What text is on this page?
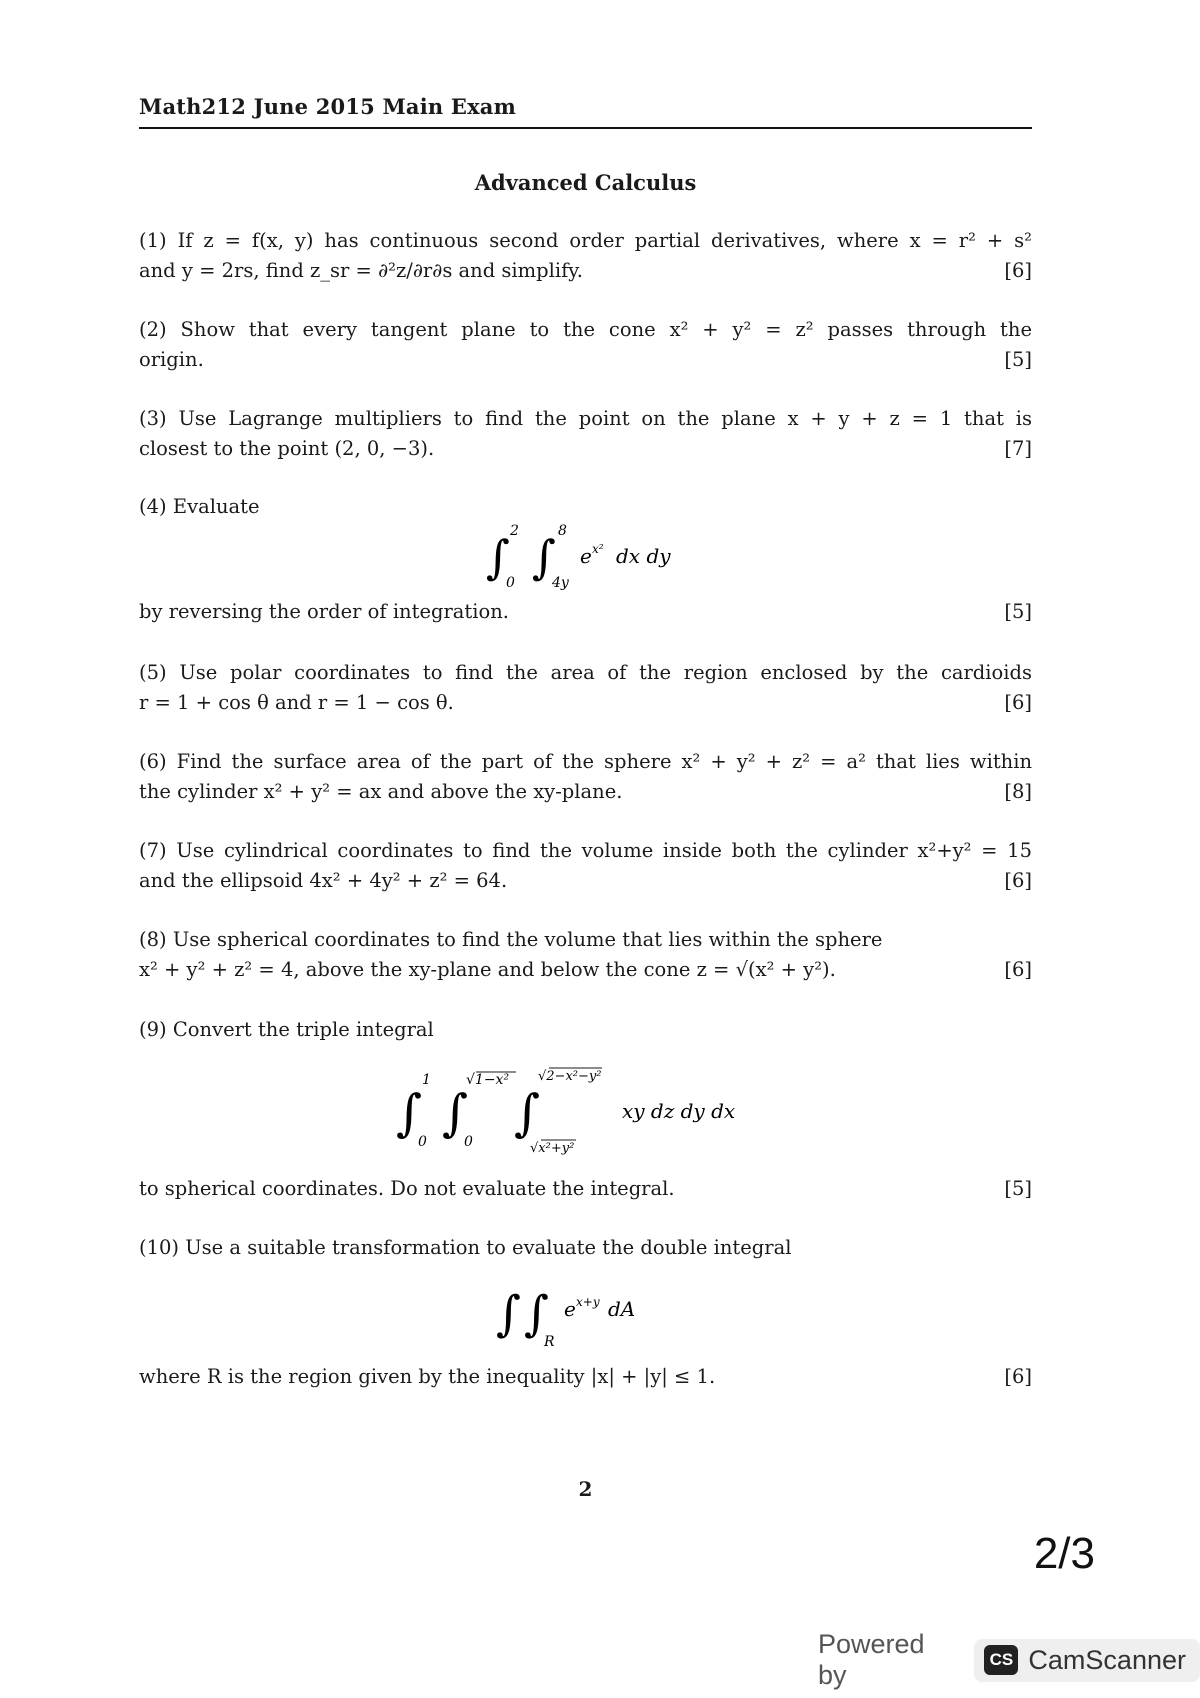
Math212 June 2015 Main Exam
Advanced Calculus
(1) If z = f(x, y) has continuous second order partial derivatives, where x = r² + s²
and y = 2rs, find z_sr = ∂²z/∂r∂s and simplify.	[6]
(2) Show that every tangent plane to the cone x² + y² = z² passes through the
origin.	[5]
(3) Use Lagrange multipliers to find the point on the plane x + y + z = 1 that is
closest to the point (2, 0, −3).	[7]
(4) Evaluate
∫ 2
0 ∫ 8
4y
e x² dx dy
by reversing the order of integration.	[5]
(5) Use polar coordinates to find the area of the region enclosed by the cardioids
r = 1 + cos θ and r = 1 − cos θ.	[6]
(6) Find the surface area of the part of the sphere x² + y² + z² = a² that lies within
the cylinder x² + y² = ax and above the xy-plane.	[8]
(7) Use cylindrical coordinates to find the volume inside both the cylinder x²+y² = 15
and the ellipsoid 4x² + 4y² + z² = 64.	[6]
(8) Use spherical coordinates to find the volume that lies within the sphere
x² + y² + z² = 4, above the xy-plane and below the cone z = √(x² + y²).	[6]
(9) Convert the triple integral
∫
1
0 ∫
√1−x²
0 ∫
√2−x²−y²
√x²+y²
xy dz dy dx
to spherical coordinates. Do not evaluate the integral.	[5]
(10) Use a suitable transformation to evaluate the double integral
∫ ∫
R
e x+y dA
where R is the region given by the inequality |x| + |y| ≤ 1.	[6]
2
2/3
Powered by
CS CamScanner
